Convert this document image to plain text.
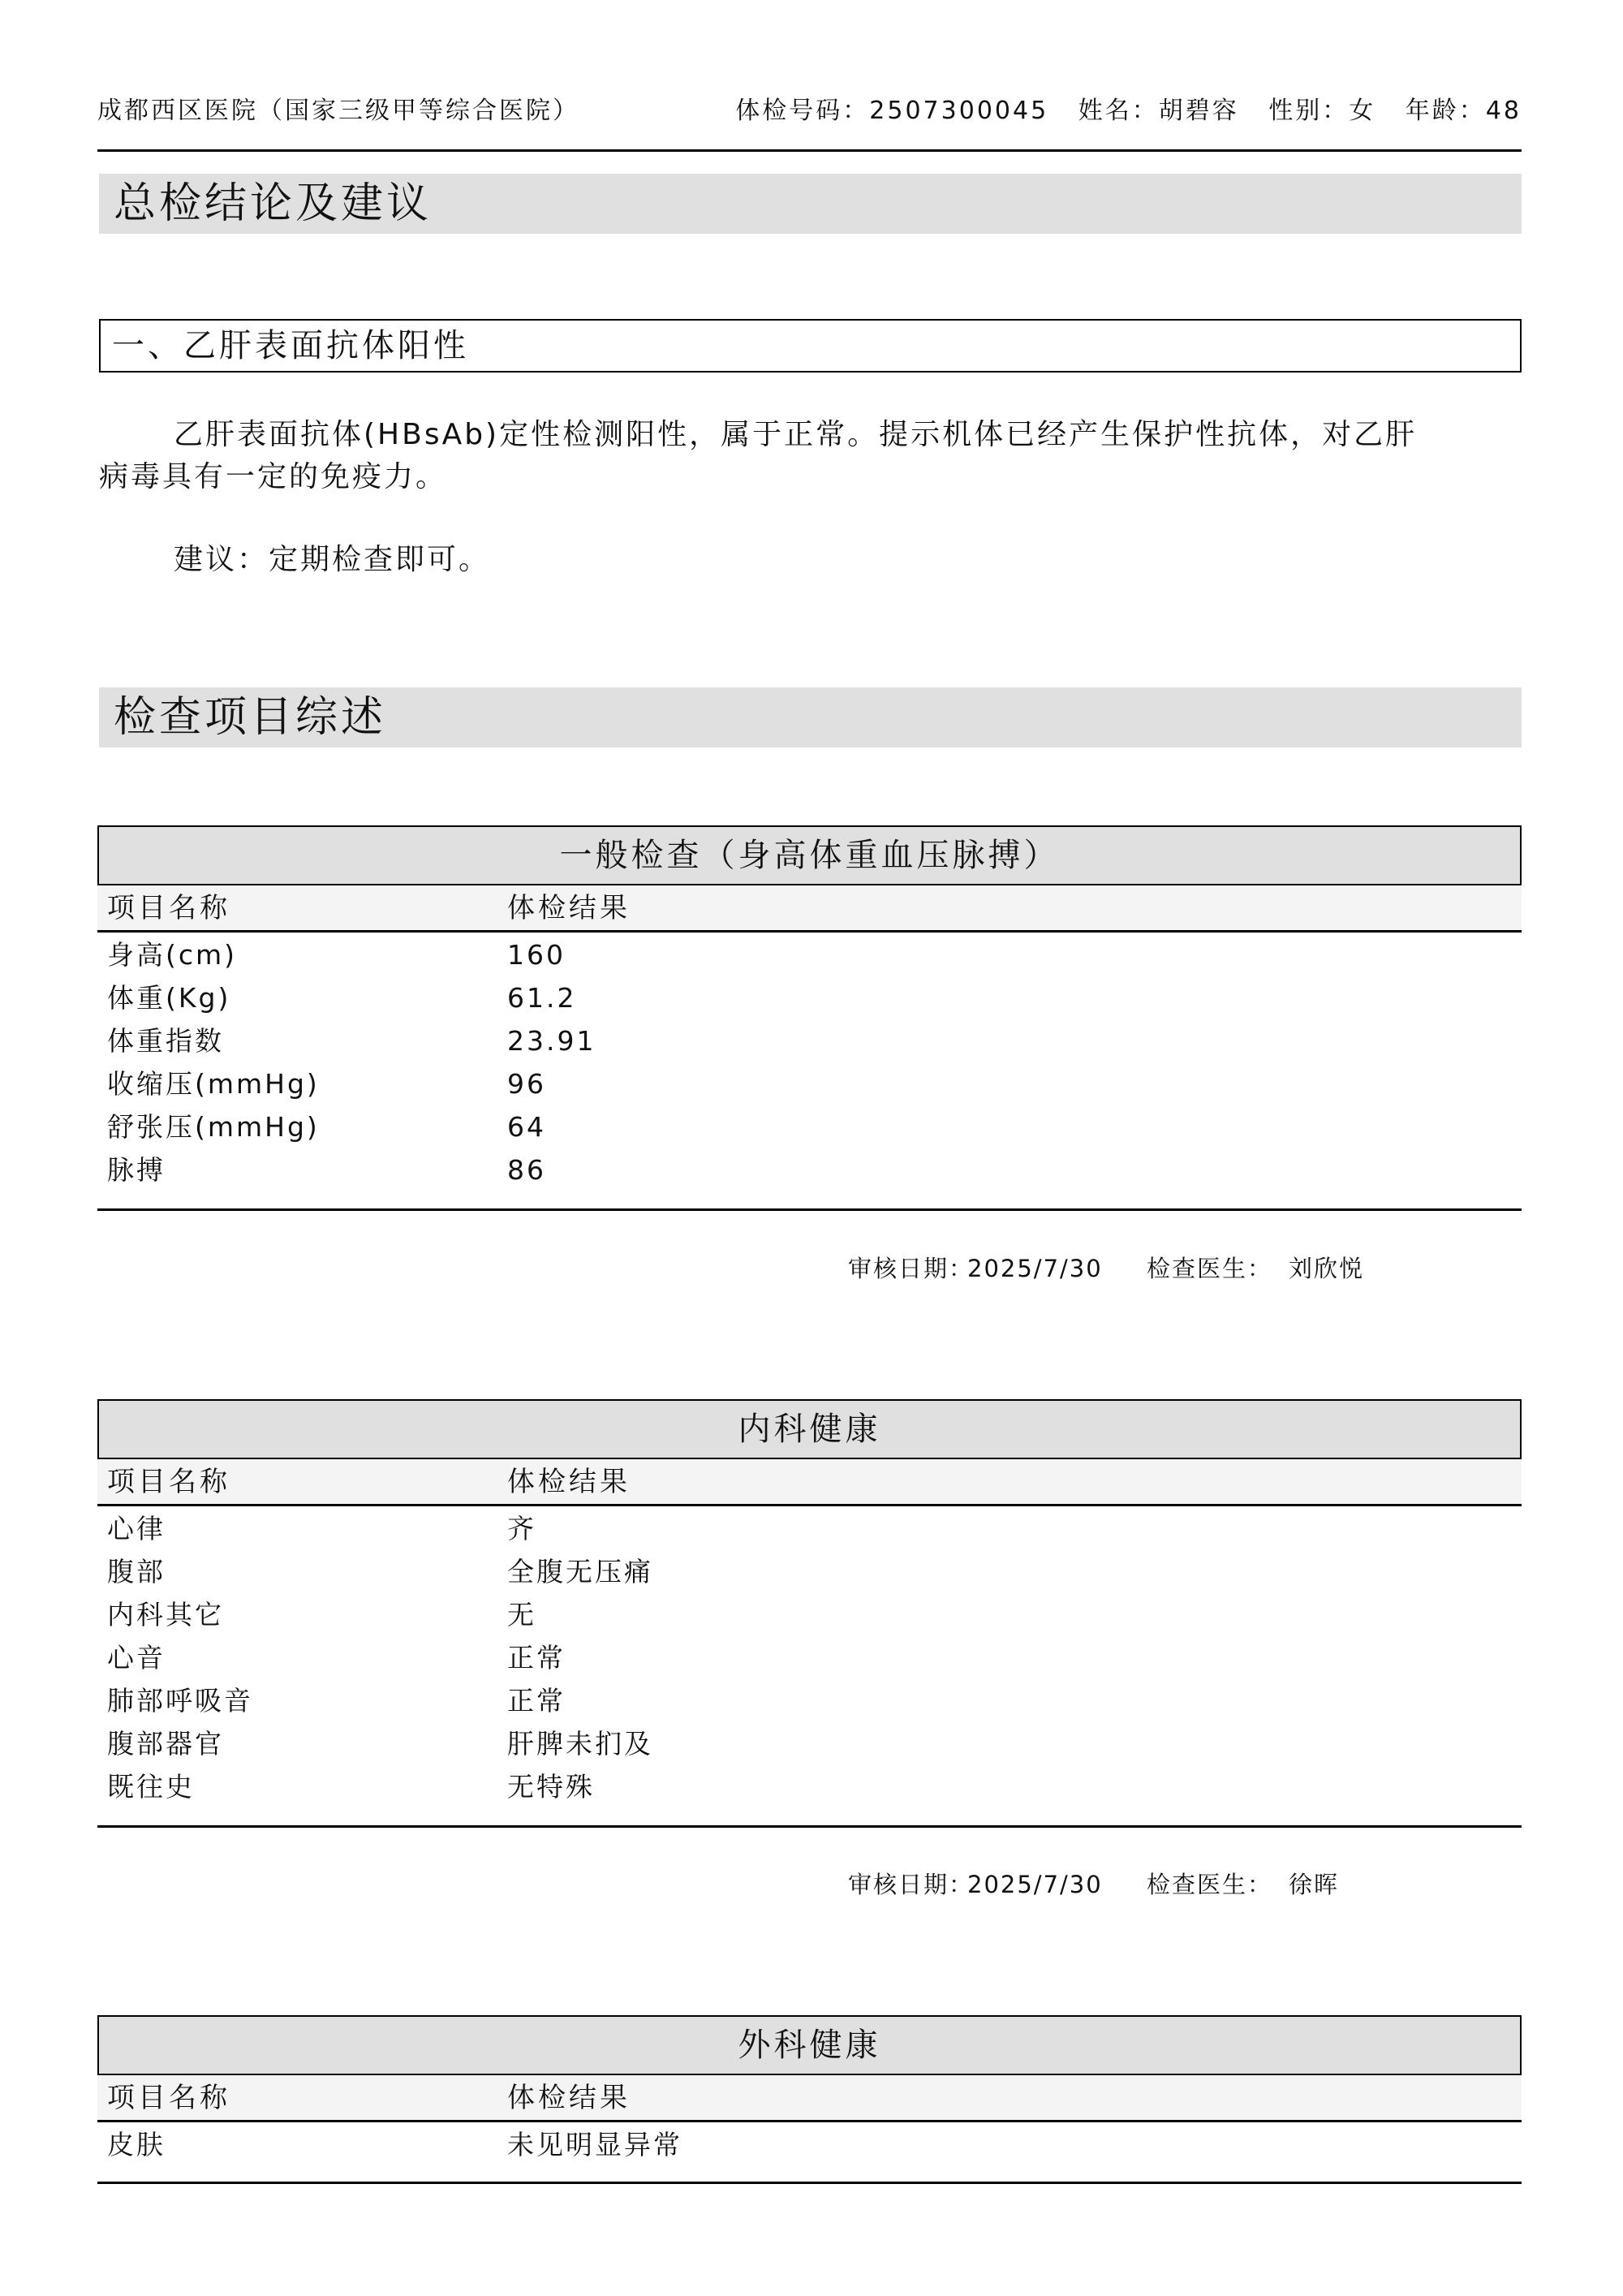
成都西区医院（国家三级甲等综合医院）	体检号码：2507300045 姓名：胡碧容 性别：女 年龄：48
总检结论及建议
一、乙肝表面抗体阳性
乙肝表面抗体(HBsAb)定性检测阳性，属于正常。提示机体已经产生保护性抗体，对乙肝
病毒具有一定的免疫力。
建议：定期检查即可。
检查项目综述
一般检查（身高体重血压脉搏）
项目名称	体检结果
身高(cm)	160
体重(Kg)	61.2
体重指数	23.91
收缩压(mmHg)	96
舒张压(mmHg)	64
脉搏	86
审核日期：
2025/7/30 检查医生： 刘欣悦
内科健康
项目名称	体检结果
心律	齐
腹部	全腹无压痛
内科其它	无
心音	正常
肺部呼吸音	正常
腹部器官	肝脾未扪及
既往史	无特殊
审核日期：
2025/7/30 检查医生： 徐晖
外科健康
项目名称	体检结果
皮肤	未见明显异常
